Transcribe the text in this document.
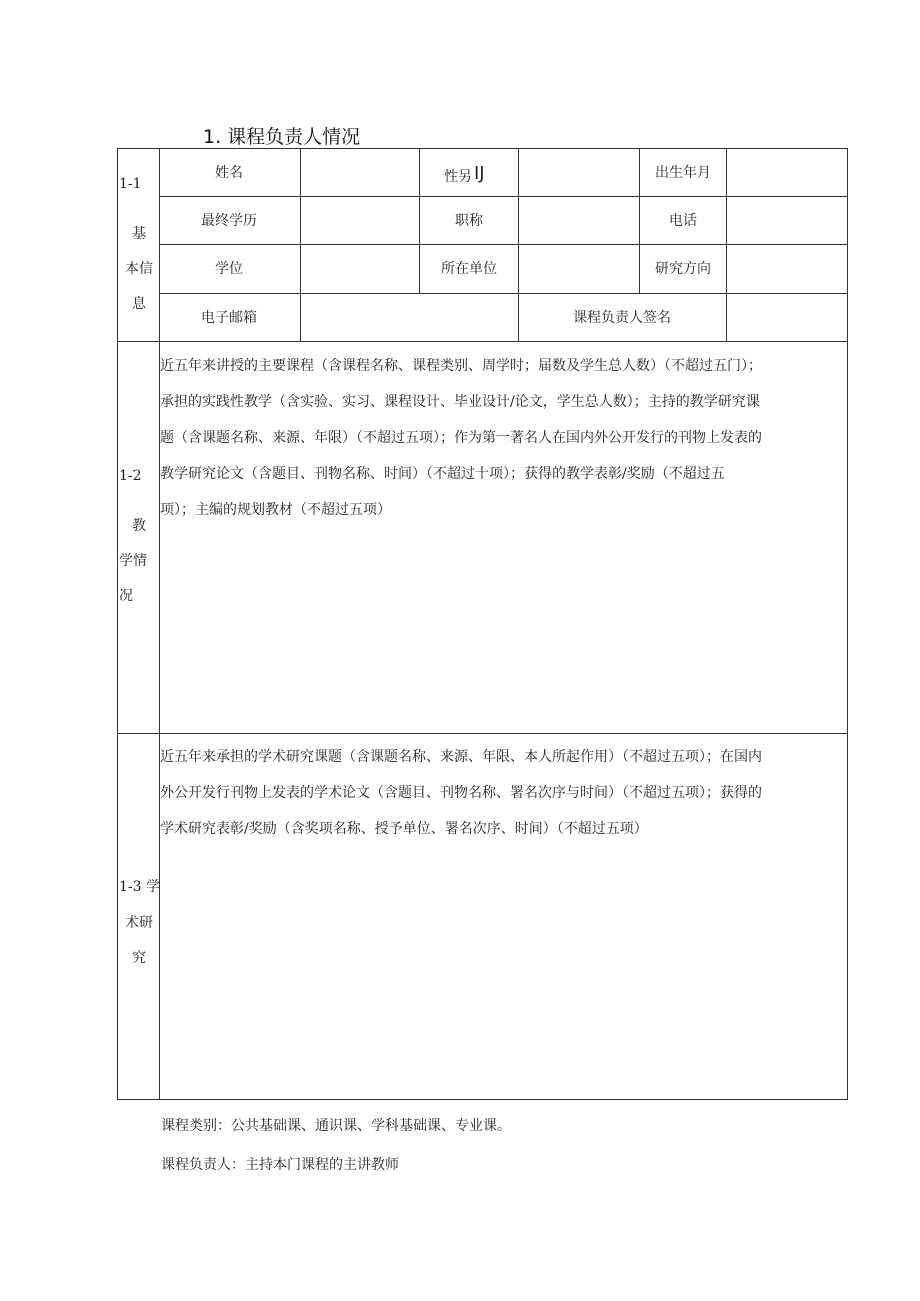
1. 课程负责人情况
1-1
基
本信
息
姓名	性另 IJ	出生年月
最终学历	职称	电话
学位	所在单位	研究方向
电子邮箱	课程负责人签名
1-2
教
学情
况
近五年来讲授的主要课程（含课程名称、课程类别、周学时；届数及学生总人数）（不超过五门）；
承担的实践性教学（含实验、实习、课程设计、毕业设计/论文，学生总人数）；主持的教学研究课
题（含课题名称、来源、年限）（不超过五项）；作为第一著名人在国内外公开发行的刊物上发表的
教学研究论文（含题目、刊物名称、时间）（不超过十项）；获得的教学表彰/奖励（不超过五
项）；主编的规划教材（不超过五项）
1-3 学
术研
究
近五年来承担的学术研究课题（含课题名称、来源、年限、本人所起作用）（不超过五项）；在国内
外公开发行刊物上发表的学术论文（含题目、刊物名称、署名次序与时间）（不超过五项）；获得的
学术研究表彰/奖励（含奖项名称、授予单位、署名次序、时间）（不超过五项）
课程类别：公共基础课、通识课、学科基础课、专业课。
课程负责人：主持本门课程的主讲教师
